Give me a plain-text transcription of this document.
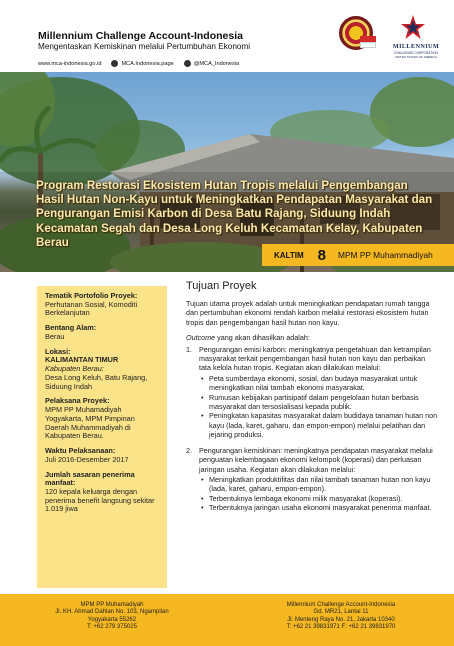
Millennium Challenge Account-Indonesia
Mengentaskan Kemiskinan melalui Pertumbuhan Ekonomi
www.mca-indonesia.go.id	MCA.Indonesia.page	@MCA_Indonesia
MILLENNIUM
CHALLENGE CORPORATION
UNITED STATES OF AMERICA
Program Restorasi Ekosistem Hutan Tropis melalui Pengembangan Hasil Hutan Non-Kayu untuk Meningkatkan Pendapatan Masyarakat dan Pengurangan Emisi Karbon di Desa Batu Rajang, Siduung Indah Kecamatan Segah dan Desa Long Keluh Kecamatan Kelay, Kabupaten Berau
KALTIM 8 MPM PP Muhammadiyah
Tematik Portofolio Proyek:
Perhutanan Sosial, Komoditi Berkelanjutan
Bentang Alam:
Berau
Lokasi:
KALIMANTAN TIMUR
Kabupaten Berau:
Desa Long Keluh, Batu Rajang, Siduung Indah
Pelaksana Proyek:
MPM PP Muhamadiyah Yogyakarta, MPM Pimpinan Daerah Muhammadiyah di Kabupaten Berau.
Waktu Pelaksanaan:
Juli 2016-Desember 2017
Jumlah sasaran penerima manfaat:
120 kepala keluarga dengan penerima benefit langsung sekitar 1.019 jiwa
Tujuan Proyek

Tujuan utama proyek adalah untuk meningkatkan pendapatan rumah tangga dan pertumbuhan ekonomi rendah karbon melalui restorasi ekosistem hutan tropis dan pengembangan hasil hutan non kayu.

Outcome yang akan dihasilkan adalah:

1. Pengurangan emisi karbon: meningkatnya pengetahuan dan ketrampilan masyarakat terkait pengembangan hasil hutan non kayu dan perbaikan tata kelola hutan tropis. Kegiatan akan dilakukan melalui:
• Peta sumberdaya ekonomi, sosial, dan budaya masyarakat untuk meningkatkan nilai tambah ekonomi masyarakat.
• Rumusan kebijakan partisipatif dalam pengelolaan hutan berbasis masyarakat dan tersosialisasi kepada publik.
• Peningkatan kapasitas masyarakat dalam budidaya tanaman hutan non kayu (lada, karet, gaharu, dan empon-empon) melalui pelatihan dan jejaring produksi.
2. Pengurangan kemiskinan: meningkatnya pendapatan masyarakat melalui penguatan kelembagaan ekonomi kelompok (koperasi) dan perluasan jaringan usaha. Kegiatan akan dilakukan melalui:
• Meningkatkan produktifitas dan nilai tambah tanaman hutan non kayu (lada, karet, gaharu, empon-empon).
• Terbentuknya lembaga ekonomi milik masyarakat (koperasi).
• Terbentuknya jaringan usaha ekonomi masyarakat penerima manfaat.
MPM PP Muhamadiyah
Jl. KH. Ahmad Dahlan No. 103, Ngampilan
Yogyakarta 55262
T: +62 279 375025
Millennium Challenge Account-Indonesia
Gd. MR21, Lantai 11
Jl. Menteng Raya No. 21, Jakarta 10340
T: +62 21 39831971 F: +62 21 39831970
